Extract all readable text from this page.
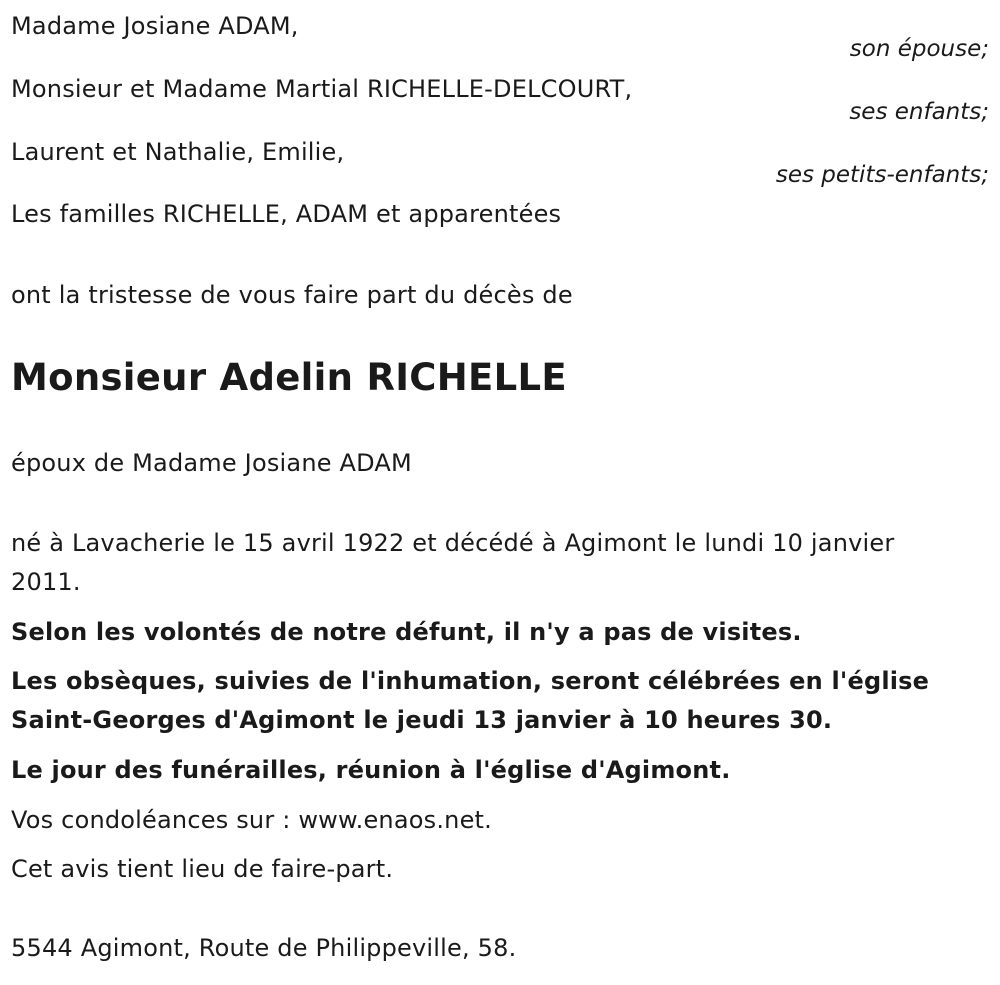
Madame Josiane ADAM,
son épouse;
Monsieur et Madame Martial RICHELLE-DELCOURT,
ses enfants;
Laurent et Nathalie, Emilie,
ses petits-enfants;
Les familles RICHELLE, ADAM et apparentées
ont la tristesse de vous faire part du décès de
Monsieur Adelin RICHELLE
époux de Madame Josiane ADAM
né à Lavacherie le 15 avril 1922 et décédé à Agimont le lundi 10 janvier 2011.
Selon les volontés de notre défunt, il n'y a pas de visites.
Les obsèques, suivies de l'inhumation, seront célébrées en l'église Saint-Georges d'Agimont le jeudi 13 janvier à 10 heures 30.
Le jour des funérailles, réunion à l'église d'Agimont.
Vos condoléances sur : www.enaos.net.
Cet avis tient lieu de faire-part.
5544 Agimont, Route de Philippeville, 58.
